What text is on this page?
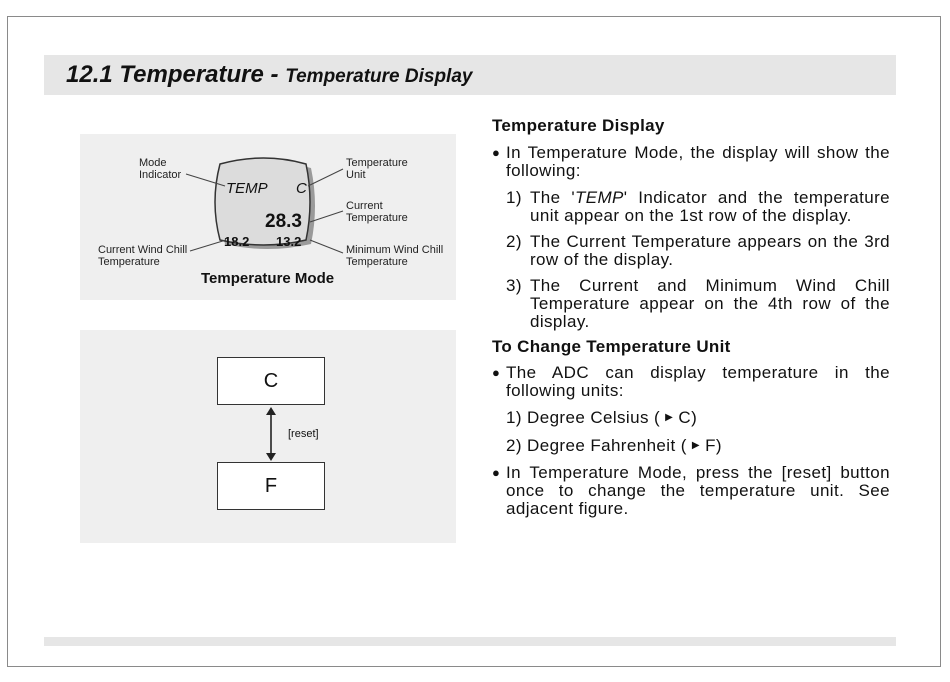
12.1 Temperature - Temperature Display
TEMP C
28.3
18.2 13.2
Mode
Indicator
Temperature
Unit
Current
Temperature
Current Wind Chill
Temperature
Minimum Wind Chill
Temperature
Temperature Mode
C
F
[reset]
Temperature Display
● In Temperature Mode, the display will show the following:
1) The 'TEMP' Indicator and the temperature unit appear on the 1st row of the display.
2) The Current Temperature appears on the 3rd row of the display.
3) The Current and Minimum Wind Chill Temperature appear on the 4th row of the display.
To Change Temperature Unit
● The ADC can display temperature in the following units:
1) Degree Celsius ( ▶ C)
2) Degree Fahrenheit ( ▶ F)
● In Temperature Mode, press the [reset] button once to change the temperature unit. See adjacent figure.
